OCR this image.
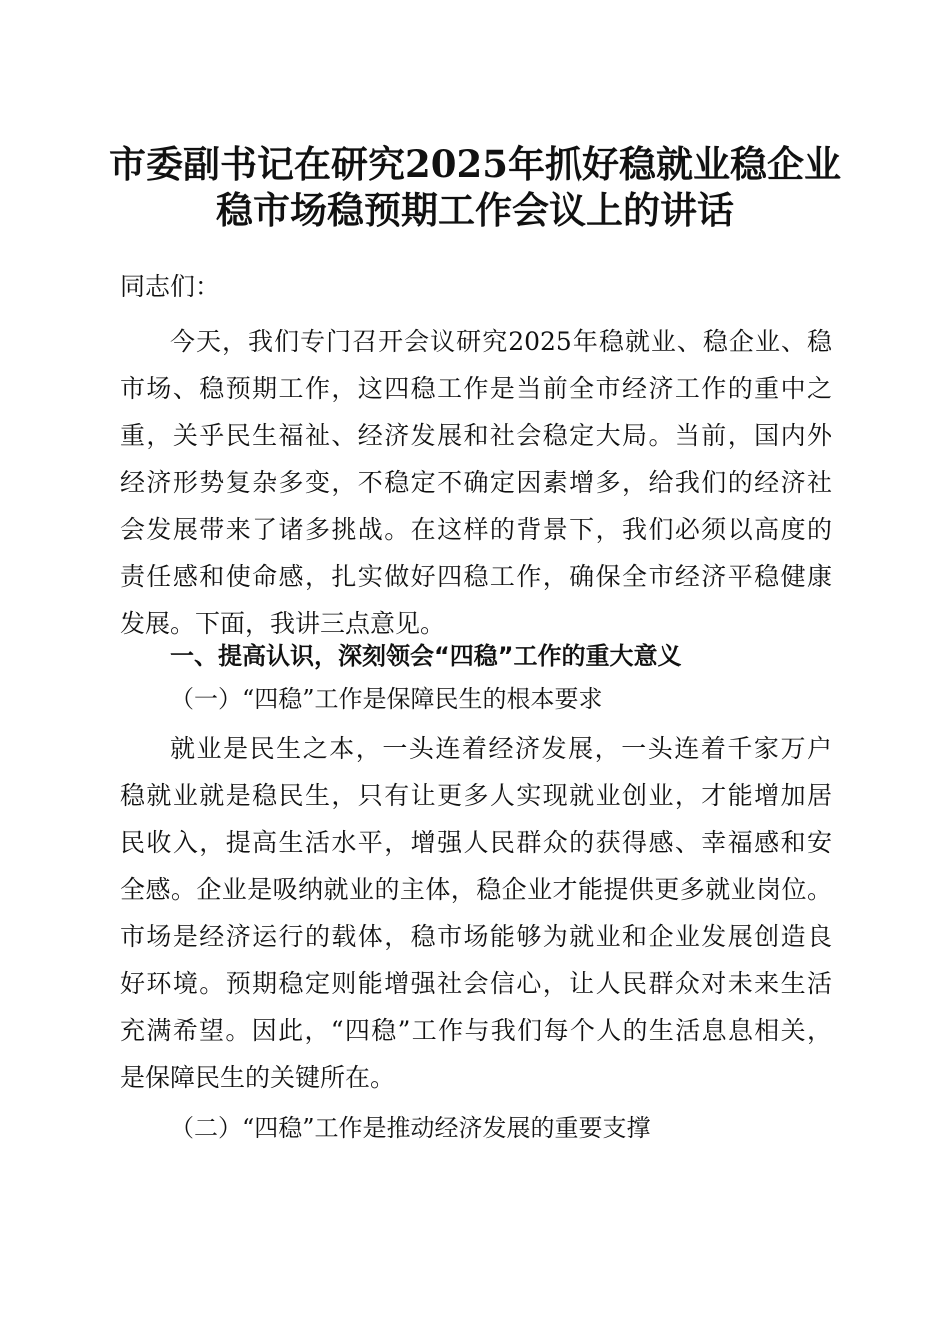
市委副书记在研究2025年抓好稳就业稳企业
稳市场稳预期工作会议上的讲话
同志们：
今天，我们专门召开会议研究2025年稳就业、稳企业、稳
市场、稳预期工作，这四稳工作是当前全市经济工作的重中之
重，关乎民生福祉、经济发展和社会稳定大局。当前，国内外
经济形势复杂多变，不稳定不确定因素增多，给我们的经济社
会发展带来了诸多挑战。在这样的背景下，我们必须以高度的
责任感和使命感，扎实做好四稳工作，确保全市经济平稳健康
发展。下面，我讲三点意见。
一、提高认识，深刻领会“四稳”工作的重大意义
（一）“四稳”工作是保障民生的根本要求
就业是民生之本，一头连着经济发展，一头连着千家万户
稳就业就是稳民生，只有让更多人实现就业创业，才能增加居
民收入，提高生活水平，增强人民群众的获得感、幸福感和安
全感。企业是吸纳就业的主体，稳企业才能提供更多就业岗位。
市场是经济运行的载体，稳市场能够为就业和企业发展创造良
好环境。预期稳定则能增强社会信心，让人民群众对未来生活
充满希望。因此，“四稳”工作与我们每个人的生活息息相关，
是保障民生的关键所在。
（二）“四稳”工作是推动经济发展的重要支撑
